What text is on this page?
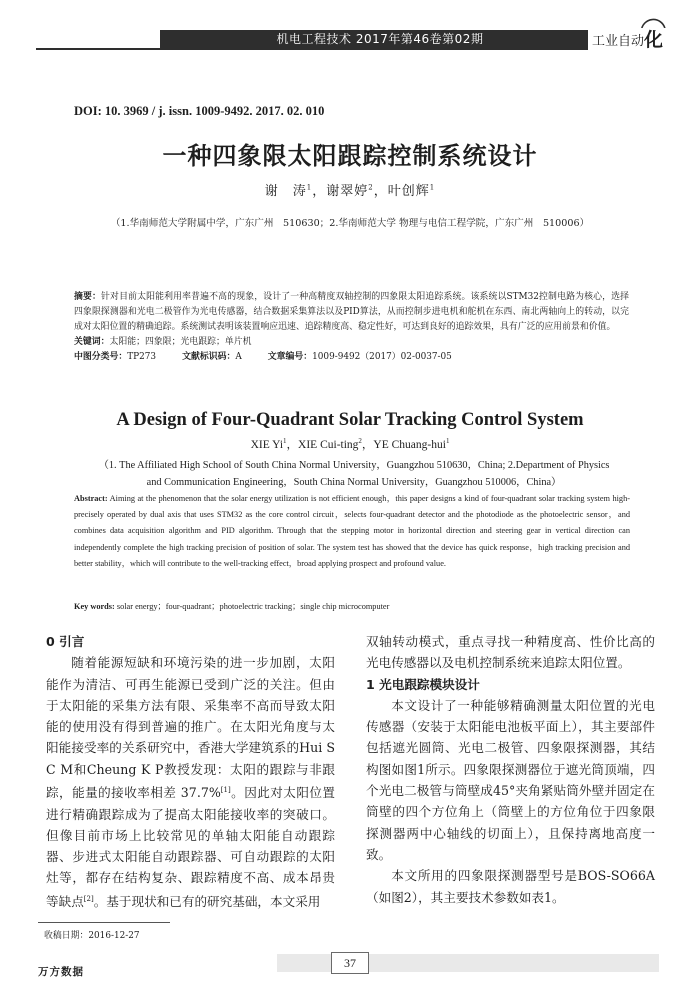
机电工程技术 2017年第46卷第02期	工业自动化
DOI: 10. 3969 / j. issn. 1009-9492. 2017. 02. 010
一种四象限太阳跟踪控制系统设计
谢　涛$^1$，谢翠婷$^2$，叶创辉$^1$
（1.华南师范大学附属中学，广东广州　510630；2.华南师范大学 物理与电信工程学院，广东广州　510006）
摘要：针对目前太阳能利用率普遍不高的现象，设计了一种高精度双轴控制的四象限太阳追踪系统。该系统以STM32控制电路为核心，选择四象限探测器和光电二极管作为光电传感器，结合数据采集算法以及PID算法，从而控制步进电机和舵机在东西、南北两轴向上的转动，以完成对太阳位置的精确追踪。系统测试表明该装置响应迅速、追踪精度高、稳定性好，可达到良好的追踪效果，具有广泛的应用前景和价值。
关键词：太阳能；四象限；光电跟踪；单片机
中图分类号：TP273	文献标识码：A	文章编号：1009-9492（2017）02-0037-05
A Design of Four-Quadrant Solar Tracking Control System
XIE Yi$^1$，XIE Cui-ting$^2$，YE Chuang-hui$^1$
（1. The Affiliated High School of South China Normal University，Guangzhou 510630，China; 2.Department of Physics
and Communication Engineering，South China Normal University，Guangzhou 510006，China）
Abstract: Aiming at the phenomenon that the solar energy utilization is not efficient enough，this paper designs a kind of four-quadrant solar tracking system high-precisely operated by dual axis that uses STM32 as the core control circuit，selects four-quadrant detector and the photodiode as the photoelectric sensor，and combines data acquisition algorithm and PID algorithm. Through that the stepping motor in horizontal direction and steering gear in vertical direction can independently complete the high tracking precision of position of solar. The system test has showed that the device has quick response，high tracking precision and better stability，which will contribute to the well-tracking effect，broad applying prospect and profound value.
Key words: solar energy；four-quadrant；photoelectric tracking；single chip microcomputer
0 引言

随着能源短缺和环境污染的进一步加剧，太阳能作为清洁、可再生能源已受到广泛的关注。但由于太阳能的采集方法有限、采集率不高而导致太阳能的使用没有得到普遍的推广。在太阳光角度与太阳能接受率的关系研究中，香港大学建筑系的Hui S C M和Cheung K P教授发现：太阳的跟踪与非跟踪，能量的接收率相差 37.7%[1]。因此对太阳位置进行精确跟踪成为了提高太阳能接收率的突破口。但像目前市场上比较常见的单轴太阳能自动跟踪器、步进式太阳能自动跟踪器、可自动跟踪的太阳灶等，都存在结构复杂、跟踪精度不高、成本昂贵等缺点[2]。基于现状和已有的研究基础，本文采用

双轴转动模式，重点寻找一种精度高、性价比高的光电传感器以及电机控制系统来追踪太阳位置。

1 光电跟踪模块设计

本文设计了一种能够精确测量太阳位置的光电传感器（安装于太阳能电池板平面上），其主要部件包括遮光圆筒、光电二极管、四象限探测器，其结构图如图1所示。四象限探测器位于遮光筒顶端，四个光电二极管与筒壁成45°夹角紧贴筒外壁并固定在筒壁的四个方位角上（筒壁上的方位角位于四象限探测器两中心轴线的切面上），且保持离地高度一致。

本文所用的四象限探测器型号是BOS-SO66A（如图2），其主要技术参数如表1。

收稿日期：2016-12-27
37
万方数据
